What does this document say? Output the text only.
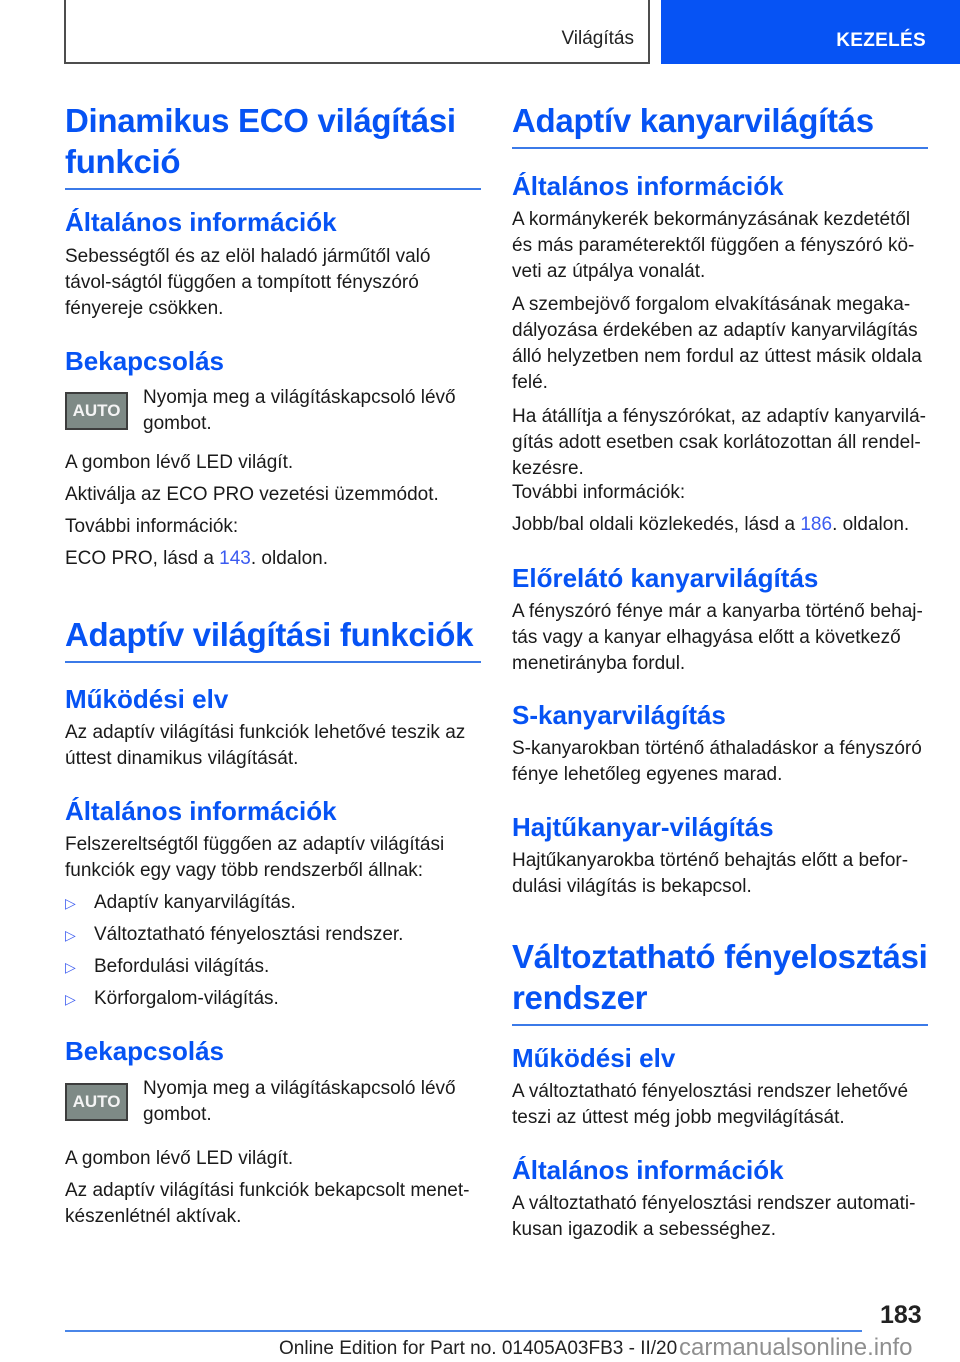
Világítás	KEZELÉS
Dinamikus ECO világítási funkció
Általános információk
Sebességtől és az elöl haladó járműtől való távol-ságtól függően a tompított fényszóró fényereje csökken.
Bekapcsolás
AUTO
Nyomja meg a világításkapcsoló lévő gombot.
A gombon lévő LED világít.
Aktiválja az ECO PRO vezetési üzemmódot.
További információk:
ECO PRO, lásd a 143. oldalon.
Adaptív világítási funkciók
Működési elv
Az adaptív világítási funkciók lehetővé teszik az úttest dinamikus világítását.
Általános információk
Felszereltségtől függően az adaptív világítási funkciók egy vagy több rendszerből állnak:
▷ Adaptív kanyarvilágítás.
▷ Változtatható fényelosztási rendszer.
▷ Befordulási világítás.
▷ Körforgalom-világítás.
Bekapcsolás
AUTO
Nyomja meg a világításkapcsoló lévő gombot.
A gombon lévő LED világít.
Az adaptív világítási funkciók bekapcsolt menet-készenlétnél aktívak.
Adaptív kanyarvilágítás
Általános információk
A kormánykerék bekormányzásának kezdetétől és más paraméterektől függően a fényszóró kö-veti az útpálya vonalát.
A szembejövő forgalom elvakításának megaka-dályozása érdekében az adaptív kanyarvilágítás álló helyzetben nem fordul az úttest másik oldala felé.
Ha átállítja a fényszórókat, az adaptív kanyarvilá-gítás adott esetben csak korlátozottan áll rendel-kezésre.
További információk:
Jobb/bal oldali közlekedés, lásd a 186. oldalon.
Előrelátó kanyarvilágítás
A fényszóró fénye már a kanyarba történő behaj-tás vagy a kanyar elhagyása előtt a következő menetirányba fordul.
S-kanyarvilágítás
S-kanyarokban történő áthaladáskor a fényszóró fénye lehetőleg egyenes marad.
Hajtűkanyar-világítás
Hajtűkanyarokba történő behajtás előtt a befor-dulási világítás is bekapcsol.
Változtatható fényelosztási rendszer
Működési elv
A változtatható fényelosztási rendszer lehetővé teszi az úttest még jobb megvilágítását.
Általános információk
A változtatható fényelosztási rendszer automati-kusan igazodik a sebességhez.
183
Online Edition for Part no. 01405A03FB3 - II/20 carmanualsonline.info
